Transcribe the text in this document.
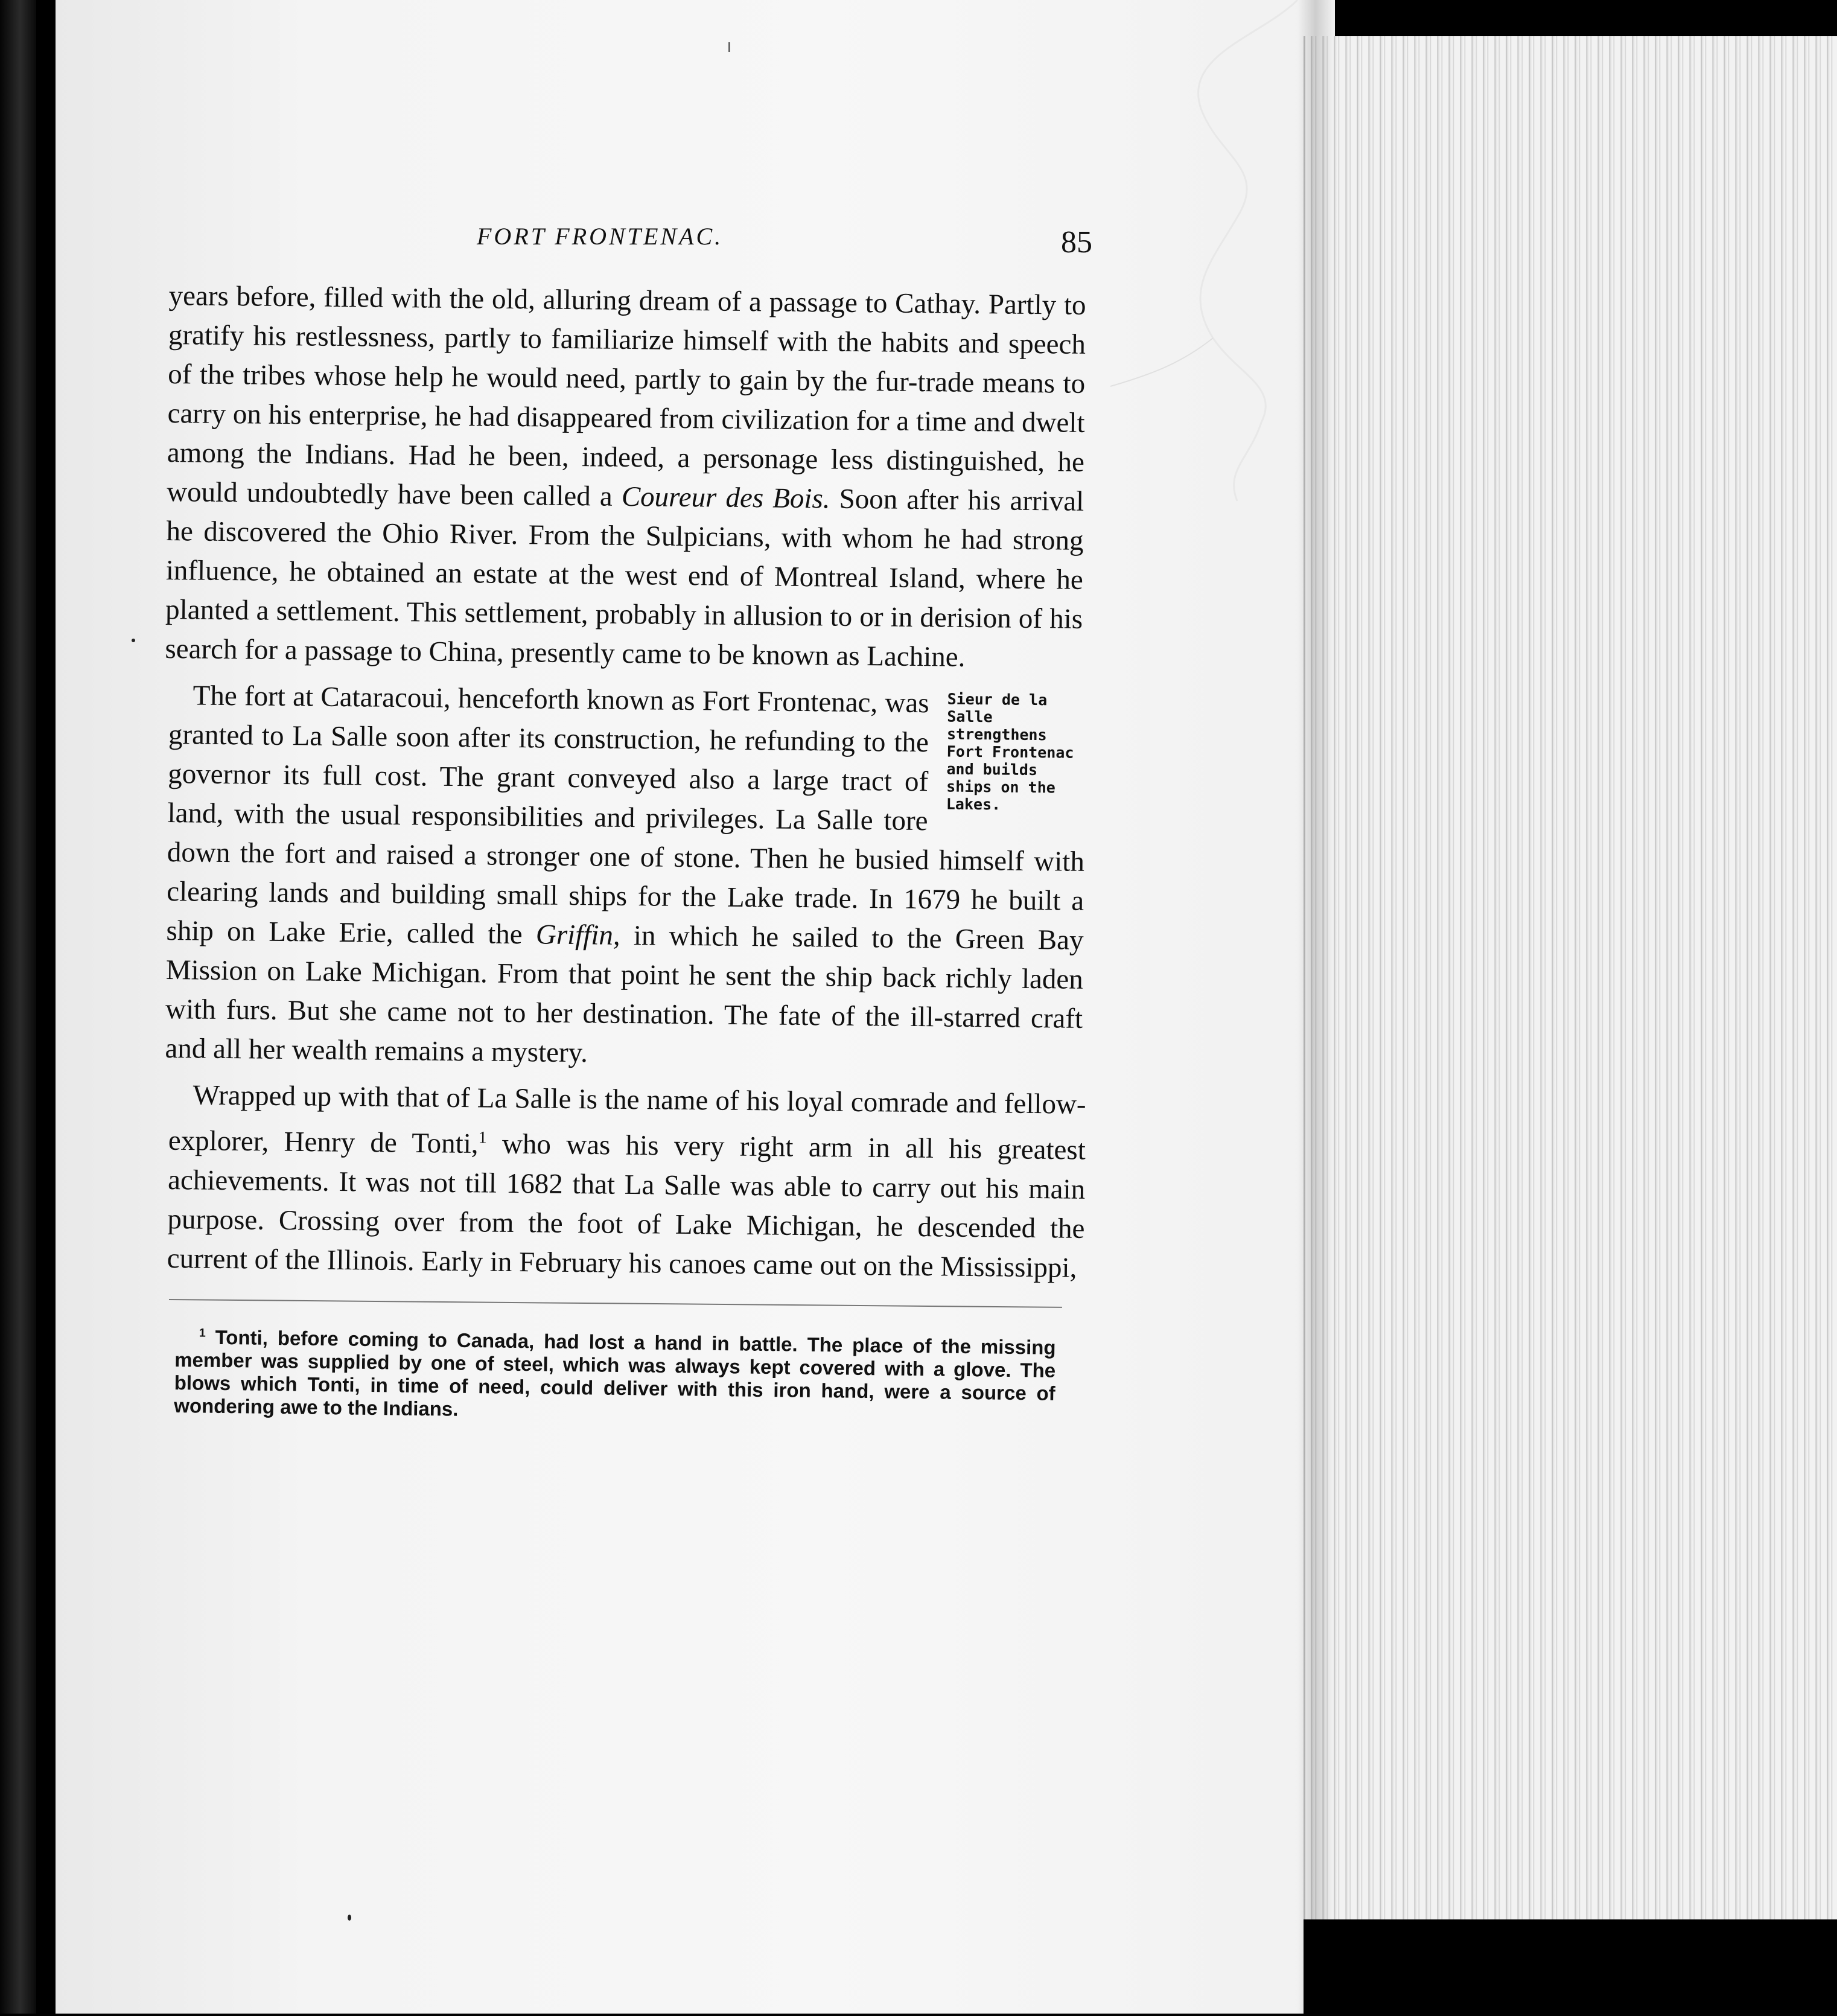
FORT FRONTENAC.	85

years before, filled with the old, alluring dream of a passage to Cathay. Partly to gratify his restlessness, partly to familiarize himself with the habits and speech of the tribes whose help he would need, partly to gain by the fur-trade means to carry on his enterprise, he had disappeared from civilization for a time and dwelt among the Indians. Had he been, indeed, a personage less distinguished, he would undoubtedly have been called a Coureur des Bois. Soon after his arrival he discovered the Ohio River. From the Sulpicians, with whom he had strong influence, he obtained an estate at the west end of Montreal Island, where he planted a settlement. This settlement, probably in allusion to or in derision of his search for a passage to China, presently came to be known as Lachine.

Sieur de la Salle strengthens Fort Frontenac and builds ships on the Lakes.
The fort at Cataracoui, henceforth known as Fort Frontenac, was granted to La Salle soon after its construction, he refunding to the governor its full cost. The grant conveyed also a large tract of land, with the usual responsibilities and privileges. La Salle tore down the fort and raised a stronger one of stone. Then he busied himself with clearing lands and building small ships for the Lake trade. In 1679 he built a ship on Lake Erie, called the Griffin, in which he sailed to the Green Bay Mission on Lake Michigan. From that point he sent the ship back richly laden with furs. But she came not to her destination. The fate of the ill-starred craft and all her wealth remains a mystery.

Wrapped up with that of La Salle is the name of his loyal comrade and fellow-explorer, Henry de Tonti,$^1$ who was his very right arm in all his greatest achievements. It was not till 1682 that La Salle was able to carry out his main purpose. Crossing over from the foot of Lake Michigan, he descended the current of the Illinois. Early in February his canoes came out on the Mississippi,

$^1$ Tonti, before coming to Canada, had lost a hand in battle. The place of the missing member was supplied by one of steel, which was always kept covered with a glove. The blows which Tonti, in time of need, could deliver with this iron hand, were a source of wondering awe to the Indians.
